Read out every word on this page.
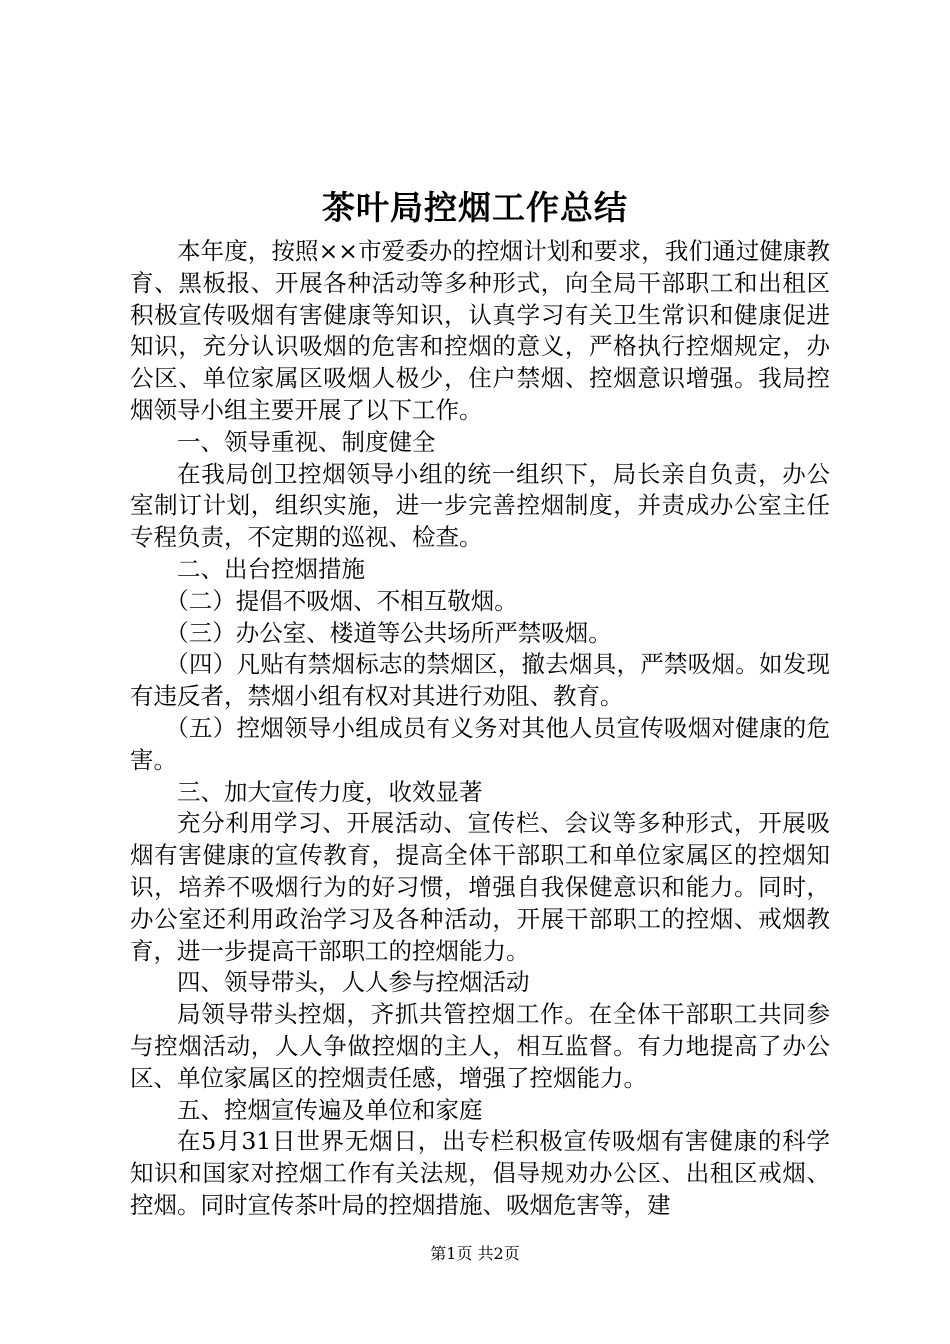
茶叶局控烟工作总结

本年度，按照××市爱委办的控烟计划和要求，我们通过健康教育、黑板报、开展各种活动等多种形式，向全局干部职工和出租区积极宣传吸烟有害健康等知识，认真学习有关卫生常识和健康促进知识，充分认识吸烟的危害和控烟的意义，严格执行控烟规定，办公区、单位家属区吸烟人极少，住户禁烟、控烟意识增强。我局控烟领导小组主要开展了以下工作。

一、领导重视、制度健全

在我局创卫控烟领导小组的统一组织下，局长亲自负责，办公室制订计划，组织实施，进一步完善控烟制度，并责成办公室主任专程负责，不定期的巡视、检查。

二、出台控烟措施

（二）提倡不吸烟、不相互敬烟。

（三）办公室、楼道等公共场所严禁吸烟。

（四）凡贴有禁烟标志的禁烟区，撤去烟具，严禁吸烟。如发现有违反者，禁烟小组有权对其进行劝阻、教育。

（五）控烟领导小组成员有义务对其他人员宣传吸烟对健康的危害。

三、加大宣传力度，收效显著

充分利用学习、开展活动、宣传栏、会议等多种形式，开展吸烟有害健康的宣传教育，提高全体干部职工和单位家属区的控烟知识，培养不吸烟行为的好习惯，增强自我保健意识和能力。同时，办公室还利用政治学习及各种活动，开展干部职工的控烟、戒烟教育，进一步提高干部职工的控烟能力。

四、领导带头，人人参与控烟活动

局领导带头控烟，齐抓共管控烟工作。在全体干部职工共同参与控烟活动，人人争做控烟的主人，相互监督。有力地提高了办公区、单位家属区的控烟责任感，增强了控烟能力。

五、控烟宣传遍及单位和家庭

在5月31日世界无烟日，出专栏积极宣传吸烟有害健康的科学知识和国家对控烟工作有关法规，倡导规劝办公区、出租区戒烟、控烟。同时宣传茶叶局的控烟措施、吸烟危害等，建

第1页 共2页
